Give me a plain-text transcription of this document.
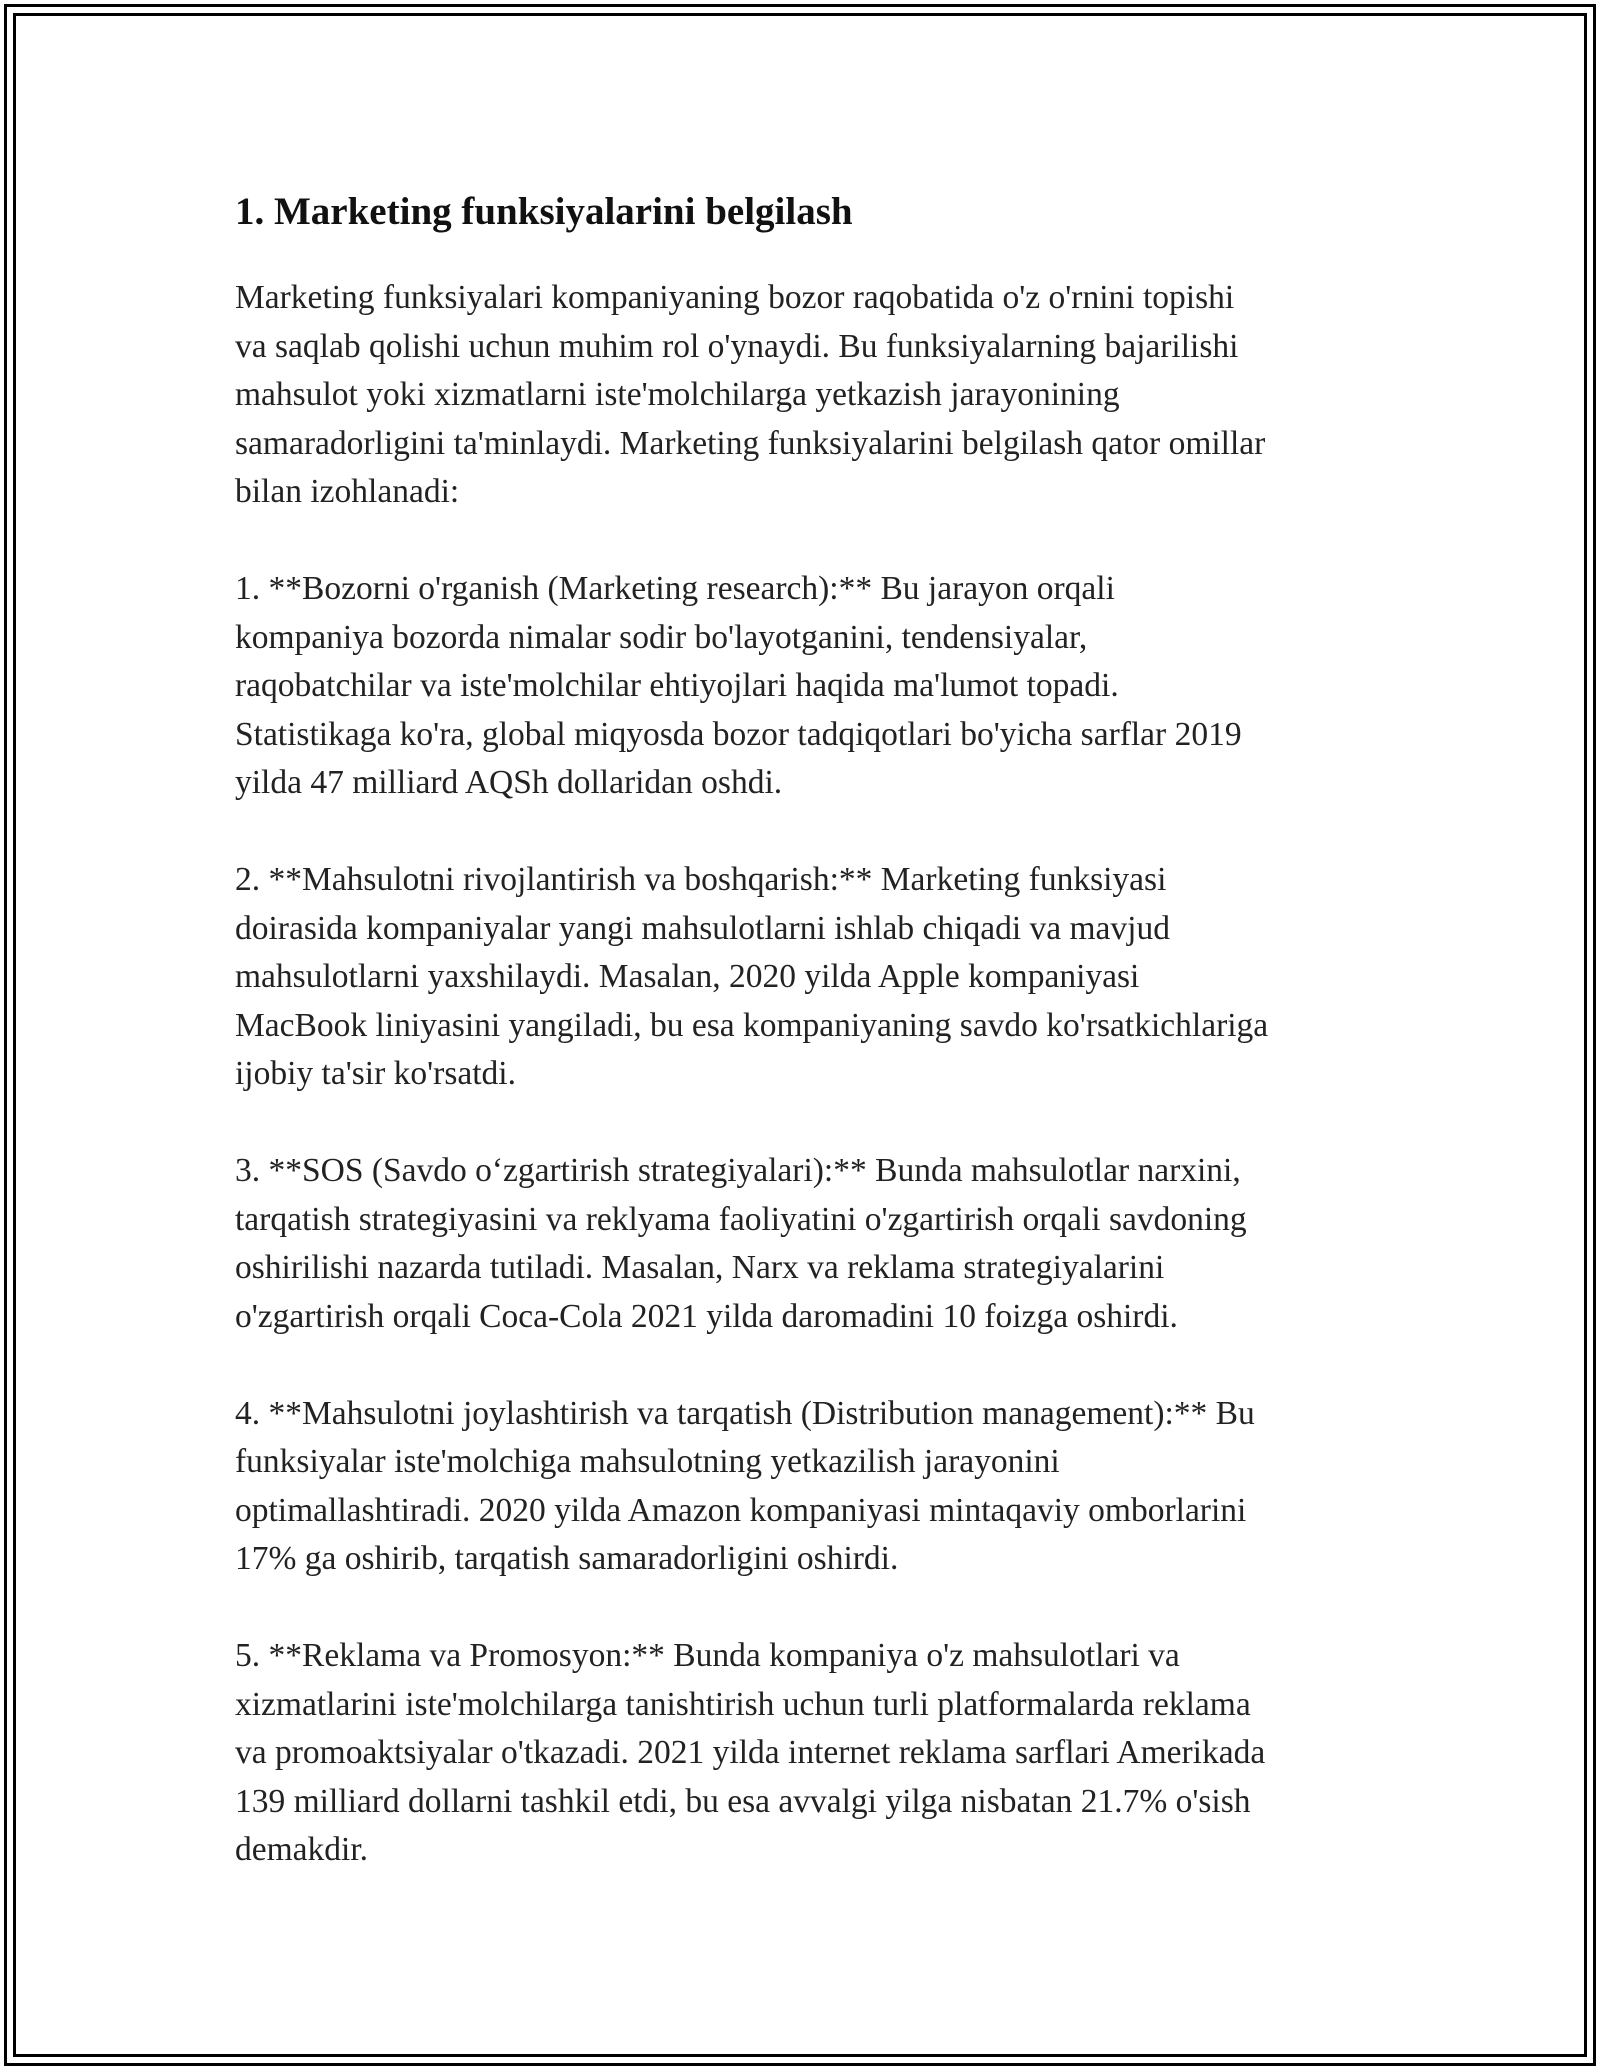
1. Marketing funksiyalarini belgilash

Marketing funksiyalari kompaniyaning bozor raqobatida o'z o'rnini topishi
va saqlab qolishi uchun muhim rol o'ynaydi. Bu funksiyalarning bajarilishi
mahsulot yoki xizmatlarni iste'molchilarga yetkazish jarayonining
samaradorligini ta'minlaydi. Marketing funksiyalarini belgilash qator omillar
bilan izohlanadi:

1. **Bozorni o'rganish (Marketing research):** Bu jarayon orqali
kompaniya bozorda nimalar sodir bo'layotganini, tendensiyalar,
raqobatchilar va iste'molchilar ehtiyojlari haqida ma'lumot topadi.
Statistikaga ko'ra, global miqyosda bozor tadqiqotlari bo'yicha sarflar 2019
yilda 47 milliard AQSh dollaridan oshdi.

2. **Mahsulotni rivojlantirish va boshqarish:** Marketing funksiyasi
doirasida kompaniyalar yangi mahsulotlarni ishlab chiqadi va mavjud
mahsulotlarni yaxshilaydi. Masalan, 2020 yilda Apple kompaniyasi
MacBook liniyasini yangiladi, bu esa kompaniyaning savdo ko'rsatkichlariga
ijobiy ta'sir ko'rsatdi.

3. **SOS (Savdo o‘zgartirish strategiyalari):** Bunda mahsulotlar narxini,
tarqatish strategiyasini va reklyama faoliyatini o'zgartirish orqali savdoning
oshirilishi nazarda tutiladi. Masalan, Narx va reklama strategiyalarini
o'zgartirish orqali Coca-Cola 2021 yilda daromadini 10 foizga oshirdi.

4. **Mahsulotni joylashtirish va tarqatish (Distribution management):** Bu
funksiyalar iste'molchiga mahsulotning yetkazilish jarayonini
optimallashtiradi. 2020 yilda Amazon kompaniyasi mintaqaviy omborlarini
17% ga oshirib, tarqatish samaradorligini oshirdi.

5. **Reklama va Promosyon:** Bunda kompaniya o'z mahsulotlari va
xizmatlarini iste'molchilarga tanishtirish uchun turli platformalarda reklama
va promoaktsiyalar o'tkazadi. 2021 yilda internet reklama sarflari Amerikada
139 milliard dollarni tashkil etdi, bu esa avvalgi yilga nisbatan 21.7% o'sish
demakdir.
